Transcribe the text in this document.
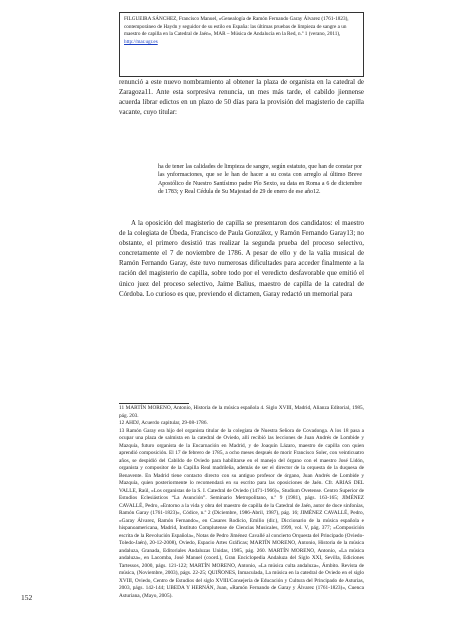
FILGUEIRA SÁNCHEZ, Francisco Manuel, «Genealogía de Ramón Fernando Garay Álvarez (1761-1823), contemporáneo de Haydn y seguidor de su estilo en España: las últimas pruebas de limpieza de sangre a un maestro de capilla en la Catedral de Jaén», MAR – Música de Andalucía en la Red, n.º 1 (verano, 2011), http://mar.ugr.es
renunció a este nuevo nombramiento al obtener la plaza de organista en la catedral de Zaragoza11. Ante esta sorpresiva renuncia, un mes más tarde, el cabildo jiennense acuerda librar edictos en un plazo de 50 días para la provisión del magisterio de capilla vacante, cuyo titular:
ha de tener las calidades de limpieza de sangre, según estatuto, que han de constar por las ynformaciones, que se le han de hacer a su costa con arreglo al último Breve Apostólico de Nuestro Santísimo padre Pío Sexto, su data en Roma a 6 de diciembre de 1783; y Real Cédula de Su Majestad de 29 de enero de ese año12.
A la oposición del magisterio de capilla se presentaron dos candidatos: el maestro de la colegiata de Úbeda, Francisco de Paula González, y Ramón Fernando Garay13; no obstante, el primero desistió tras realizar la segunda prueba del proceso selectivo, concretamente el 7 de noviembre de 1786. A pesar de ello y de la valía musical de Ramón Fernando Garay, éste tuvo numerosas dificultades para acceder finalmente a la ración del magisterio de capilla, sobre todo por el veredicto desfavorable que emitió el único juez del proceso selectivo, Jaime Balius, maestro de capilla de la catedral de Córdoba. Lo curioso es que, previendo el dictamen, Garay redactó un memorial para

11 MARTÍN MORENO, Antonio, Historia de la música española 4. Siglo XVIII, Madrid, Alianza Editorial, 1985, pág. 203.

12 AHDJ, Acuerdo capitular, 29-08-1786.

13 Ramón Garay era hijo del organista titular de la colegiata de Nuestra Señora de Covadonga. A los 18 pasa a ocupar una plaza de salmista en la catedral de Oviedo, allí recibió las lecciones de Juan Andrés de Lombide y Mazquía, futuro organista de la Encarnación en Madrid, y de Joaquín Lázaro, maestro de capilla con quien aprendió composición. El 17 de febrero de 1785, a ocho meses después de morir Francisco Soler, con veinticuatro años, se despidió del Cabildo de Oviedo para habilitarse en el manejo del órgano con el maestro José Lidón, organista y compositor de la Capilla Real madrileña, además de ser el director de la orquesta de la duquesa de Benavente. En Madrid tiene contacto directo con su antiguo profesor de órgano, Juan Andrés de Lombide y Mazquía, quien posteriormente lo recomendará en su escrito para las oposiciones de Jaén. Cfr. ARIAS DEL VALLE, Raúl, «Los organistas de la S. I. Catedral de Oviedo (1471-1966)», Studium Ovetense. Centro Superior de Estudios Eclesiásticos “La Asunción”. Seminario Metropolitano, n.º 9 (1981), págs. 163-165; JIMÉNEZ CAVALLÉ, Pedro, «Entorno a la vida y obra del maestro de capilla de la Catedral de Jaén, autor de doce sinfonías, Ramón Garay (1761-1823)», Códice, n.º 2 (Diciembre, 1986-Abril, 1987), pág. 16; JIMÉNEZ CAVALLÉ, Pedro, «Garay Álvarez, Ramón Fernando», en Casares Rodicio, Emilio (dir.), Diccionario de la música española e hispanoamericana, Madrid, Instituto Complutense de Ciencias Musicales, 1999, vol. V, pág. 377; «Composición escrita de la Revolución Española», Notas de Pedro Jiménez Cavallé al concierto Orquesta del Principado (Oviedo-Toledo-Jaén), 20-12-2008), Oviedo, Espacio Artes Gráficas; MARTÍN MORENO, Antonio, Historia de la música andaluza, Granada, Editoriales Andaluzas Unidas, 1985, pág. 260. MARTÍN MORENO, Antonio, «La música andaluza», en Lacomba, José Manuel (coord.), Gran Enciclopedia Andaluza del Siglo XXI, Sevilla, Ediciones Tartessos, 2000, págs. 121-122; MARTÍN MORENO, Antonio, «La música culta andaluza», Ámbito. Revista de música, (Noviembre, 2003), págs. 22-25; QUIÑONES, Inmaculada, La música en la catedral de Oviedo en el siglo XVIII, Oviedo, Centro de Estudios del siglo XVIII/Consejería de Educación y Cultura del Principado de Asturias, 2003, págs. 142-144; UBEDA Y HERNÁN, Juan, «Ramón Fernando de Garay y Álvarez (1761-1823)», Cuenca Asturiana, (Mayo, 2005).

152
